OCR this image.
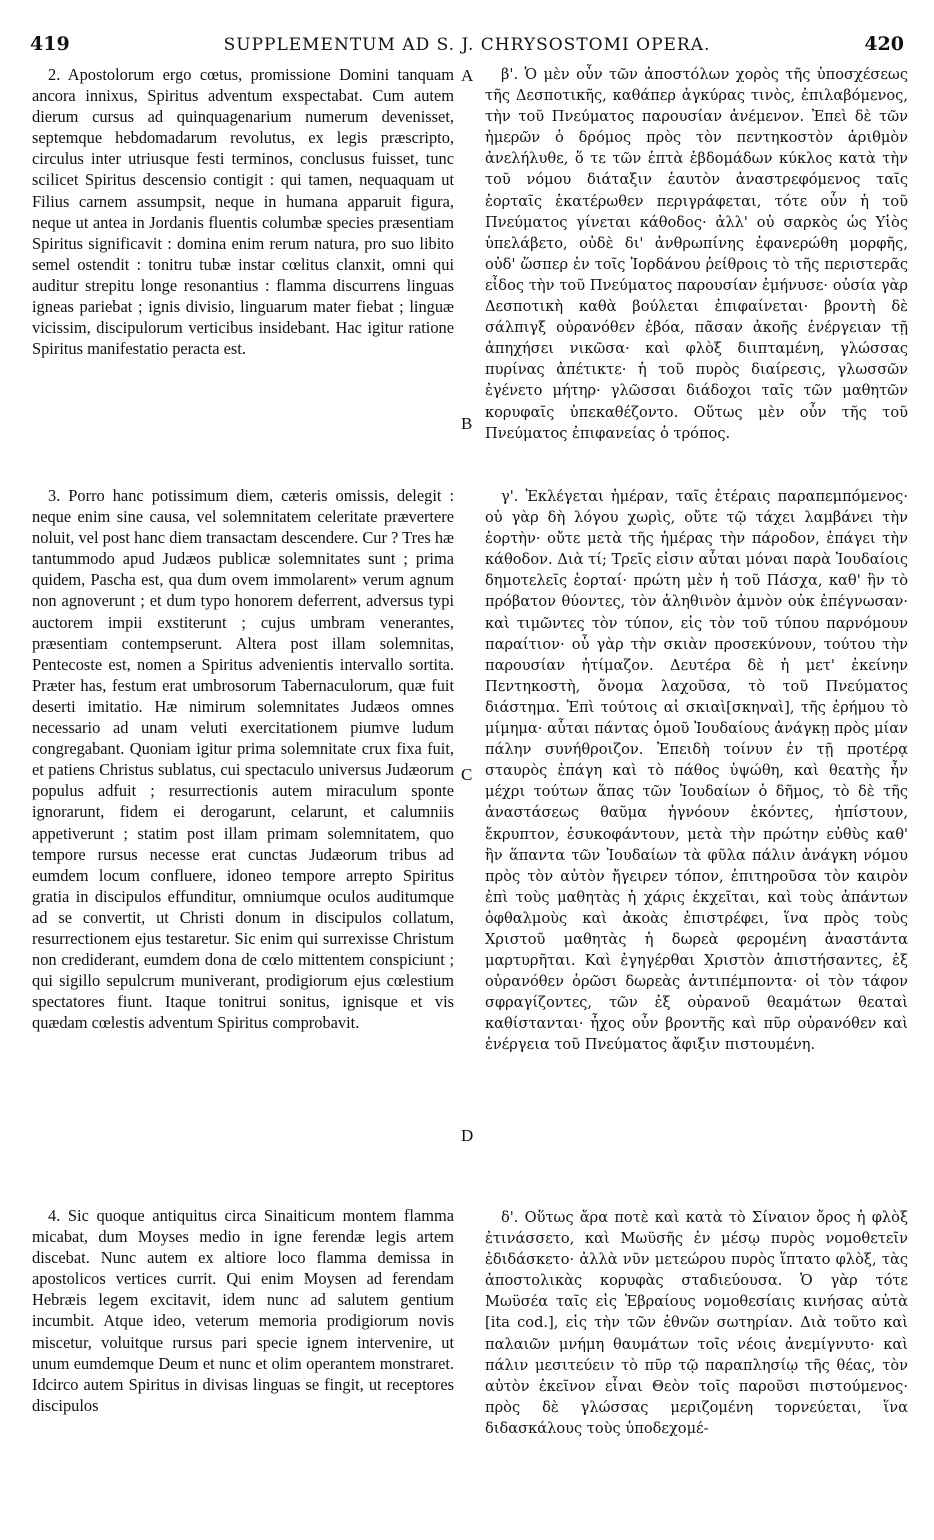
419	SUPPLEMENTUM AD S. J. CHRYSOSTOMI OPERA.	420

2. Apostolorum ergo cœtus, promissione Domini tanquam ancora innixus, Spiritus adventum exspectabat. Cum autem dierum cursus ad quinquagenarium numerum devenisset, septemque hebdomadarum revolutus, ex legis præscripto, circulus inter utriusque festi terminos, conclusus fuisset, tunc scilicet Spiritus descensio contigit : qui tamen, nequaquam ut Filius carnem assumpsit, neque in humana apparuit figura, neque ut antea in Jordanis fluentis columbæ species præsentiam Spiritus significavit : domina enim rerum natura, pro suo libito semel ostendit : tonitru tubæ instar cœlitus clanxit, omni qui auditur strepitu longe resonantius : flamma discurrens linguas igneas pariebat ; ignis divisio, linguarum mater fiebat ; linguæ vicissim, discipulorum verticibus insidebant. Hac igitur ratione Spiritus manifestatio peracta est.

3. Porro hanc potissimum diem, cæteris omissis, delegit : neque enim sine causa, vel solemnitatem celeritate prævertere noluit, vel post hanc diem transactam descendere. Cur ? Tres hæ tantummodo apud Judæos publicæ solemnitates sunt ; prima quidem, Pascha est, qua dum ovem immolarent» verum agnum non agnoverunt ; et dum typo honorem deferrent, adversus typi auctorem impii exstiterunt ; cujus umbram venerantes, præsentiam contempserunt. Altera post illam solemnitas, Pentecoste est, nomen a Spiritus advenientis intervallo sortita. Præter has, festum erat umbrosorum Tabernaculorum, quæ fuit deserti imitatio. Hæ nimirum solemnitates Judæos omnes necessario ad unam veluti exercitationem piumve ludum congregabant. Quoniam igitur prima solemnitate crux fixa fuit, et patiens Christus sublatus, cui spectaculo universus Judæorum populus adfuit ; resurrectionis autem miraculum sponte ignorarunt, fidem ei derogarunt, celarunt, et calumniis appetiverunt ; statim post illam primam solemnitatem, quo tempore rursus necesse erat cunctas Judæorum tribus ad eumdem locum confluere, idoneo tempore arrepto Spiritus gratia in discipulos effunditur, omniumque oculos auditumque ad se convertit, ut Christi donum in discipulos collatum, resurrectionem ejus testaretur. Sic enim qui surrexisse Christum non crediderant, eumdem dona de cœlo mittentem conspiciunt ; qui sigillo sepulcrum muniverant, prodigiorum ejus cœlestium spectatores fiunt. Itaque tonitrui sonitus, ignisque et vis quædam cœlestis adventum Spiritus comprobavit.

β'. Ὁ μὲν οὖν τῶν ἀποστόλων χορὸς τῆς ὑποσχέσεως τῆς Δεσποτικῆς, καθάπερ ἀγκύρας τινὸς, ἐπιλαβόμενος, τὴν τοῦ Πνεύματος παρουσίαν ἀνέμενον. Ἐπεὶ δὲ τῶν ἡμερῶν ὁ δρόμος πρὸς τὸν πεντηκοστὸν ἀριθμὸν ἀνελήλυθε, ὅ τε τῶν ἑπτὰ ἑβδομάδων κύκλος κατὰ τὴν τοῦ νόμου διάταξιν ἑαυτὸν ἀναστρεφόμενος ταῖς ἑορταῖς ἑκατέρωθεν περιγράφεται, τότε οὖν ἡ τοῦ Πνεύματος γίνεται κάθοδος· ἀλλ' οὐ σαρκὸς ὡς Υἱὸς ὑπελάβετο, οὐδὲ δι' ἀνθρωπίνης ἐφανερώθη μορφῆς, οὐδ' ὥσπερ ἐν τοῖς Ἰορδάνου ῥείθροις τὸ τῆς περιστερᾶς εἶδος τὴν τοῦ Πνεύματος παρουσίαν ἐμήνυσε· οὐσία γὰρ Δεσποτικὴ καθὰ βούλεται ἐπιφαίνεται· βροντὴ δὲ σάλπιγξ οὐρανόθεν ἐβόα, πᾶσαν ἀκοῆς ἐνέργειαν τῇ ἀπηχήσει νικῶσα· καὶ φλὸξ διιπταμένη, γλώσσας πυρίνας ἀπέτικτε· ἡ τοῦ πυρὸς διαίρεσις, γλωσσῶν ἐγένετο μήτηρ· γλῶσσαι διάδοχοι ταῖς τῶν μαθητῶν κορυφαῖς ὑπεκαθέζοντο. Οὕτως μὲν οὖν τῆς τοῦ Πνεύματος ἐπιφανείας ὁ τρόπος.

γ'. Ἐκλέγεται ἡμέραν, ταῖς ἑτέραις παραπεμπόμενος· οὐ γὰρ δὴ λόγου χωρὶς, οὔτε τῷ τάχει λαμβάνει τὴν ἑορτὴν· οὔτε μετὰ τῆς ἡμέρας τὴν πάροδον, ἐπάγει τὴν κάθοδον. Διὰ τί; Τρεῖς εἰσιν αὗται μόναι παρὰ Ἰουδαίοις δημοτελεῖς ἑορταί· πρώτη μὲν ἡ τοῦ Πάσχα, καθ' ἣν τὸ πρόβατον θύοντες, τὸν ἀληθινὸν ἀμνὸν οὐκ ἐπέγνωσαν· καὶ τιμῶντες τὸν τύπον, εἰς τὸν τοῦ τύπου παρνόμουν παραίτιον· οὗ γὰρ τὴν σκιὰν προσεκύνουν, τούτου τὴν παρουσίαν ἠτίμαζον. Δευτέρα δὲ ἡ μετ' ἐκείνην Πεντηκοστὴ, ὄνομα λαχοῦσα, τὸ τοῦ Πνεύματος διάστημα. Ἐπὶ τούτοις αἱ σκιαὶ[σκηναὶ], τῆς ἐρήμου τὸ μίμημα· αὗται πάντας ὁμοῦ Ἰουδαίους ἀνάγκῃ πρὸς μίαν πάλην συνήθροιζον. Ἐπειδὴ τοίνυν ἐν τῇ προτέρᾳ σταυρὸς ἐπάγη καὶ τὸ πάθος ὑψώθη, καὶ θεατὴς ἦν μέχρι τούτων ἅπας τῶν Ἰουδαίων ὁ δῆμος, τὸ δὲ τῆς ἀναστάσεως θαῦμα ἠγνόουν ἑκόντες, ἠπίστουν, ἔκρυπτον, ἐσυκοφάντουν, μετὰ τὴν πρώτην εὐθὺς καθ' ἣν ἅπαντα τῶν Ἰουδαίων τὰ φῦλα πάλιν ἀνάγκη νόμου πρὸς τὸν αὐτὸν ἤγειρεν τόπον, ἐπιτηροῦσα τὸν καιρὸν ἐπὶ τοὺς μαθητὰς ἡ χάρις ἐκχεῖται, καὶ τοὺς ἁπάντων ὀφθαλμοὺς καὶ ἀκοὰς ἐπιστρέφει, ἵνα πρὸς τοὺς Χριστοῦ μαθητὰς ἡ δωρεὰ φερομένη ἀναστάντα μαρτυρῆται. Καὶ ἐγηγέρθαι Χριστὸν ἀπιστήσαντες, ἐξ οὐρανόθεν ὁρῶσι δωρεὰς ἀντιπέμποντα· οἱ τὸν τάφον σφραγίζοντες, τῶν ἐξ οὐρανοῦ θεαμάτων θεαταὶ καθίστανται· ἦχος οὖν βροντῆς καὶ πῦρ οὐρανόθεν καὶ ἐνέργεια τοῦ Πνεύματος ἄφιξιν πιστουμένη.

4. Sic quoque antiquitus circa Sinaiticum montem flamma micabat, dum Moyses medio in igne ferendæ legis artem discebat. Nunc autem ex altiore loco flamma demissa in apostolicos vertices currit. Qui enim Moysen ad ferendam Hebræis legem excitavit, idem nunc ad salutem gentium incumbit. Atque ideo, veterum memoria prodigiorum novis miscetur, voluitque rursus pari specie ignem intervenire, ut unum eumdemque Deum et nunc et olim operantem monstraret. Idcirco autem Spiritus in divisas linguas se fingit, ut receptores discipulos

δ'. Οὕτως ἄρα ποτὲ καὶ κατὰ τὸ Σίναιον ὄρος ἡ φλὸξ ἐτινάσσετο, καὶ Μωϋσῆς ἐν μέσῳ πυρὸς νομοθετεῖν ἐδιδάσκετο· ἀλλὰ νῦν μετεώρου πυρὸς ἵπτατο φλὸξ, τὰς ἀποστολικὰς κορυφὰς σταδιεύουσα. Ὁ γὰρ τότε Μωϋσέα ταῖς εἰς Ἑβραίους νομοθεσίαις κινήσας αὐτὰ [ita cod.], εἰς τὴν τῶν ἐθνῶν σωτηρίαν. Διὰ τοῦτο καὶ παλαιῶν μνήμη θαυμάτων τοῖς νέοις ἀνεμίγνυτο· καὶ πάλιν μεσιτεύειν τὸ πῦρ τῷ παραπλησίῳ τῆς θέας, τὸν αὐτὸν ἐκεῖνον εἶναι Θεὸν τοῖς παροῦσι πιστούμενος· πρὸς δὲ γλώσσας μεριζομένη τορνεύεται, ἵνα διδασκάλους τοὺς ὑποδεχομέ-

A
B
C
D
